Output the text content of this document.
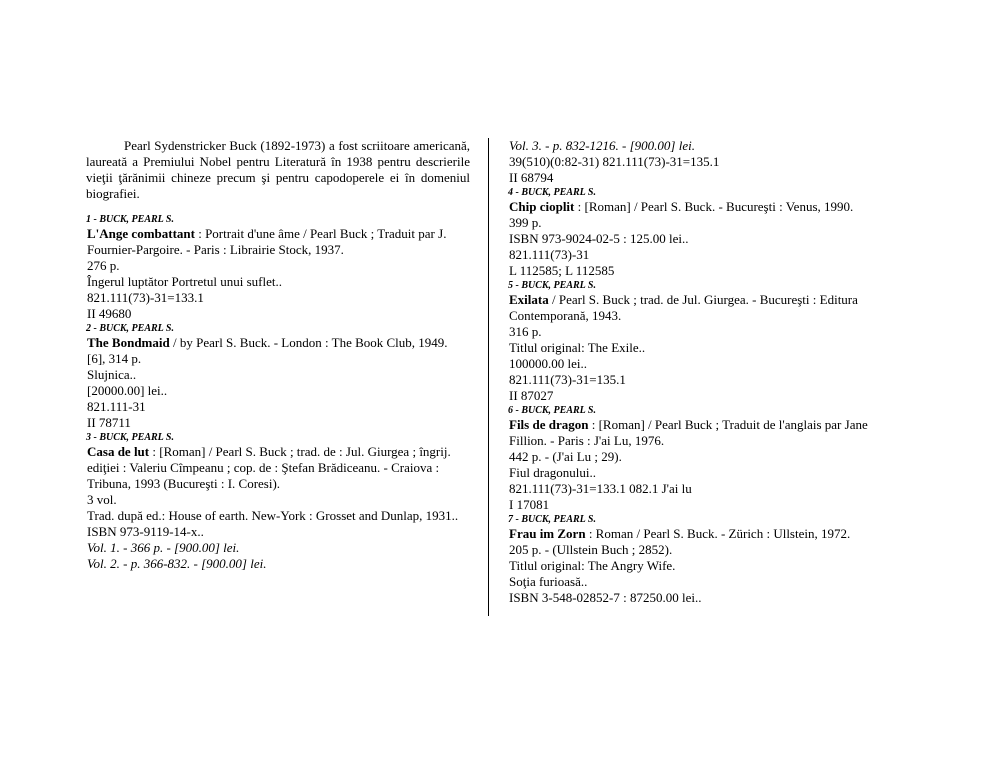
Pearl Sydenstricker Buck (1892-1973) a fost scriitoare americană, laureată a Premiului Nobel pentru Literatură în 1938 pentru descrierile vieţii ţărănimii chineze precum şi pentru capodoperele ei în domeniul biografiei.

1 - BUCK, PEARL S.
L'Ange combattant : Portrait d'une âme / Pearl Buck ; Traduit par J. Fournier-Pargoire. - Paris : Librairie Stock, 1937.
276 p.
Îngerul luptător Portretul unui suflet..
821.111(73)-31=133.1
II 49680
2 - BUCK, PEARL S.
The Bondmaid / by Pearl S. Buck. - London : The Book Club, 1949.
[6], 314 p.
Slujnica..
[20000.00] lei..
821.111-31
II 78711
3 - BUCK, PEARL S.
Casa de lut : [Roman] / Pearl S. Buck ; trad. de : Jul. Giurgea ; îngrij. ediţiei : Valeriu Cîmpeanu ; cop. de : Ştefan Brădiceanu. - Craiova : Tribuna, 1993 (Bucureşti : I. Coresi).
3 vol.
Trad. după ed.: House of earth. New-York : Grosset and Dunlap, 1931..
ISBN 973-9119-14-x..
Vol. 1. - 366 p. - [900.00] lei.
Vol. 2. - p. 366-832. - [900.00] lei.
Vol. 3. - p. 832-1216. - [900.00] lei.
39(510)(0:82-31) 821.111(73)-31=135.1
II 68794
4 - BUCK, PEARL S.
Chip cioplit : [Roman] / Pearl S. Buck. - Bucureşti : Venus, 1990.
399 p.
ISBN 973-9024-02-5 : 125.00 lei..
821.111(73)-31
L 112585; L 112585
5 - BUCK, PEARL S.
Exilata / Pearl S. Buck ; trad. de Jul. Giurgea. - Bucureşti : Editura Contemporană, 1943.
316 p.
Titlul original: The Exile..
100000.00 lei..
821.111(73)-31=135.1
II 87027
6 - BUCK, PEARL S.
Fils de dragon : [Roman] / Pearl Buck ; Traduit de l'anglais par Jane Fillion. - Paris : J'ai Lu, 1976.
442 p. - (J'ai Lu ; 29).
Fiul dragonului..
821.111(73)-31=133.1 082.1 J'ai lu
I 17081
7 - BUCK, PEARL S.
Frau im Zorn : Roman / Pearl S. Buck. - Zürich : Ullstein, 1972.
205 p. - (Ullstein Buch ; 2852).
Titlul original: The Angry Wife.
Soţia furioasă..
ISBN 3-548-02852-7 : 87250.00 lei..
